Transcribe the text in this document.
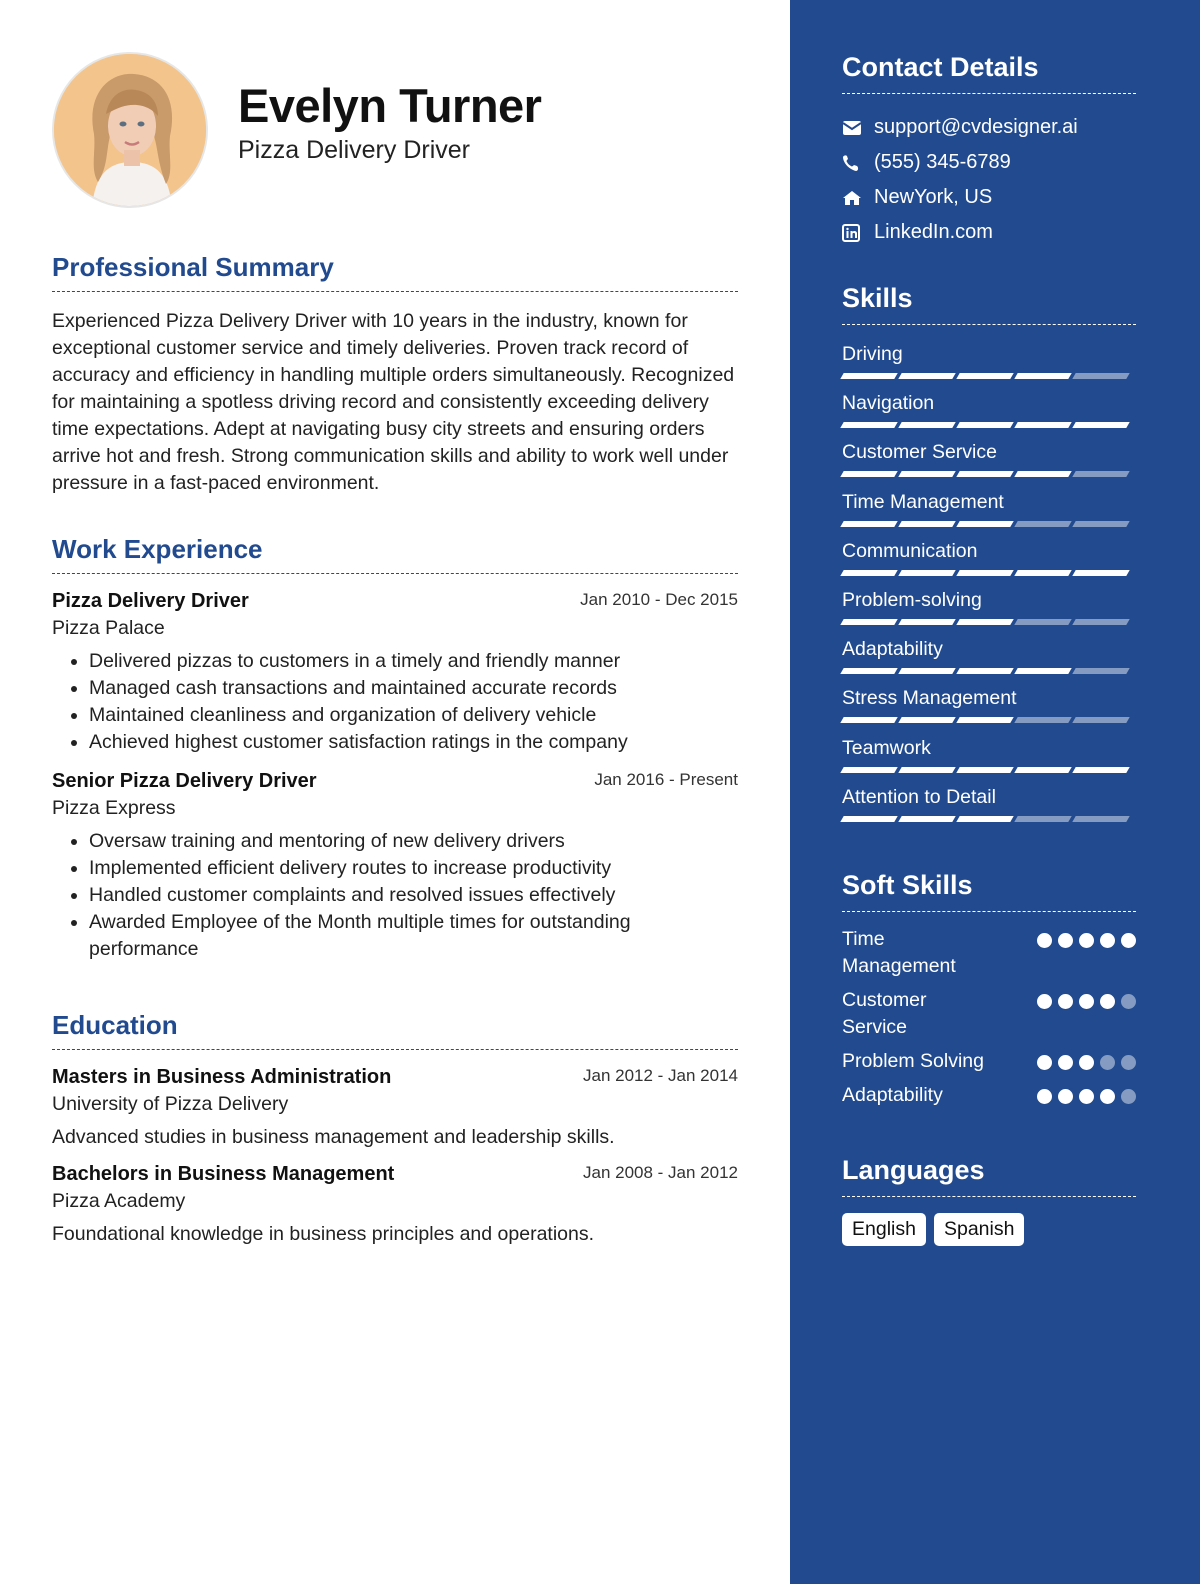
Evelyn Turner
Pizza Delivery Driver
Professional Summary
Experienced Pizza Delivery Driver with 10 years in the industry, known for exceptional customer service and timely deliveries. Proven track record of accuracy and efficiency in handling multiple orders simultaneously. Recognized for maintaining a spotless driving record and consistently exceeding delivery time expectations. Adept at navigating busy city streets and ensuring orders arrive hot and fresh. Strong communication skills and ability to work well under pressure in a fast-paced environment.
Work Experience
Pizza Delivery Driver	Jan 2010 - Dec 2015
Pizza Palace
• Delivered pizzas to customers in a timely and friendly manner
• Managed cash transactions and maintained accurate records
• Maintained cleanliness and organization of delivery vehicle
• Achieved highest customer satisfaction ratings in the company
Senior Pizza Delivery Driver	Jan 2016 - Present
Pizza Express
• Oversaw training and mentoring of new delivery drivers
• Implemented efficient delivery routes to increase productivity
• Handled customer complaints and resolved issues effectively
• Awarded Employee of the Month multiple times for outstanding performance
Education
Masters in Business Administration	Jan 2012 - Jan 2014
University of Pizza Delivery
Advanced studies in business management and leadership skills.
Bachelors in Business Management	Jan 2008 - Jan 2012
Pizza Academy
Foundational knowledge in business principles and operations.
Contact Details
support@cvdesigner.ai
(555) 345-6789
NewYork, US
LinkedIn.com
Skills
Driving
Navigation
Customer Service
Time Management
Communication
Problem-solving
Adaptability
Stress Management
Teamwork
Attention to Detail
Soft Skills
Time Management
Customer Service
Problem Solving
Adaptability
Languages
English	Spanish
